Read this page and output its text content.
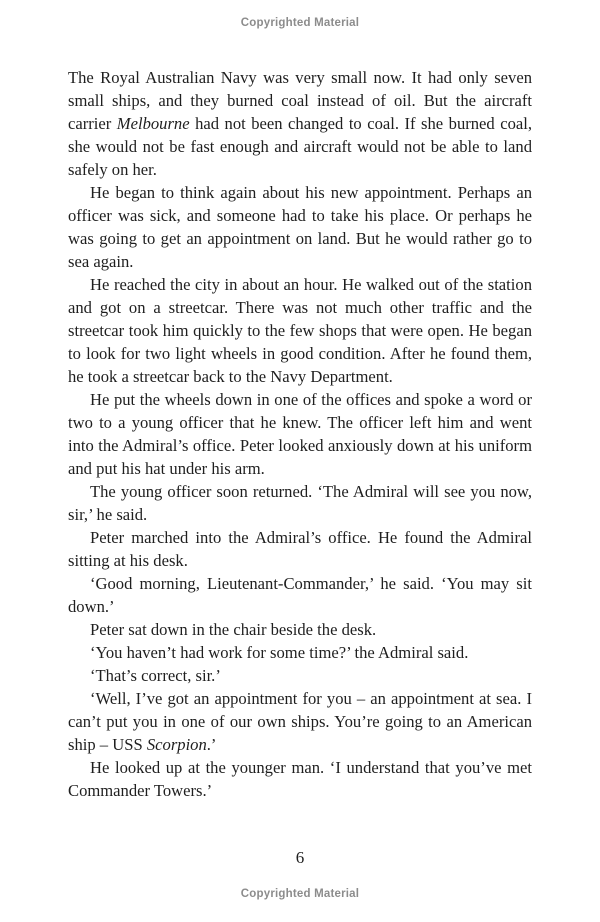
Copyrighted Material

The Royal Australian Navy was very small now. It had only seven small ships, and they burned coal instead of oil. But the aircraft carrier Melbourne had not been changed to coal. If she burned coal, she would not be fast enough and aircraft would not be able to land safely on her.

He began to think again about his new appointment. Perhaps an officer was sick, and someone had to take his place. Or perhaps he was going to get an appointment on land. But he would rather go to sea again.

He reached the city in about an hour. He walked out of the station and got on a streetcar. There was not much other traffic and the streetcar took him quickly to the few shops that were open. He began to look for two light wheels in good condition. After he found them, he took a streetcar back to the Navy Department.

He put the wheels down in one of the offices and spoke a word or two to a young officer that he knew. The officer left him and went into the Admiral’s office. Peter looked anxiously down at his uniform and put his hat under his arm.

The young officer soon returned. ‘The Admiral will see you now, sir,’ he said.

Peter marched into the Admiral’s office. He found the Admiral sitting at his desk.

‘Good morning, Lieutenant-Commander,’ he said. ‘You may sit down.’

Peter sat down in the chair beside the desk.

‘You haven’t had work for some time?’ the Admiral said.

‘That’s correct, sir.’

‘Well, I’ve got an appointment for you – an appointment at sea. I can’t put you in one of our own ships. You’re going to an American ship – USS Scorpion.’

He looked up at the younger man. ‘I understand that you’ve met Commander Towers.’

6
Copyrighted Material
